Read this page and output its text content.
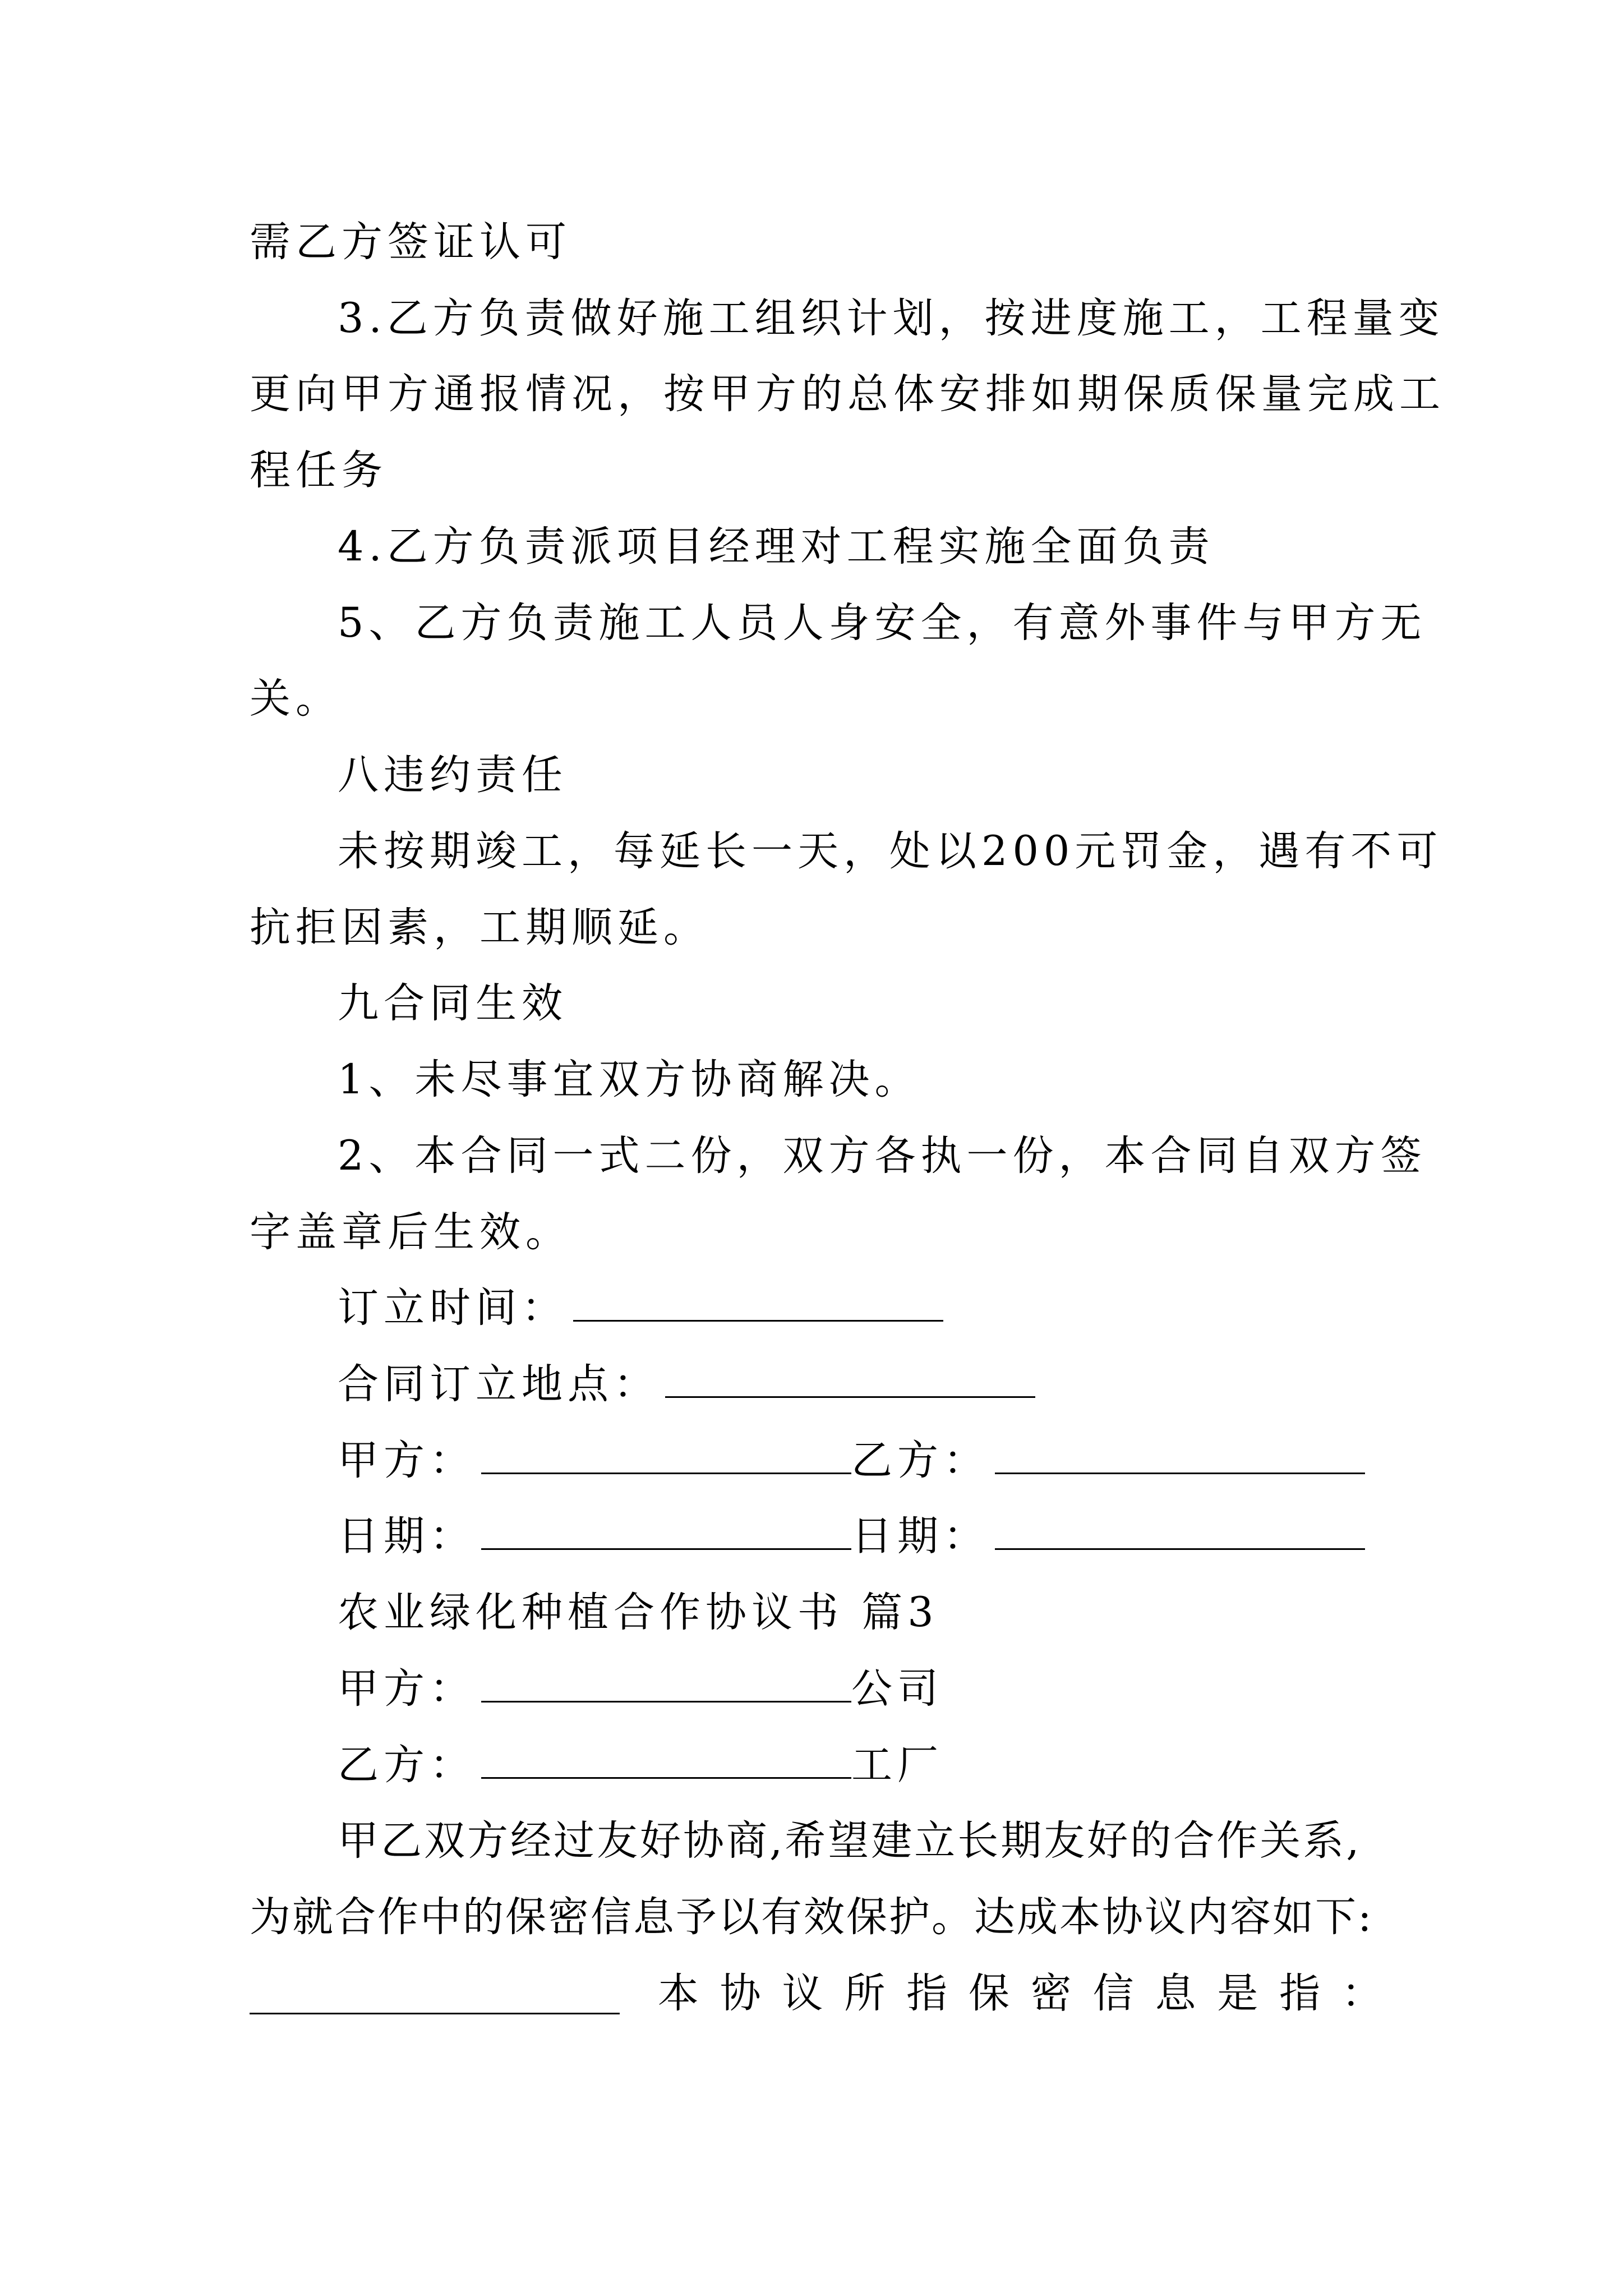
需乙方签证认可
3.乙方负责做好施工组织计划，按进度施工，工程量变
更向甲方通报情况，按甲方的总体安排如期保质保量完成工
程任务
4.乙方负责派项目经理对工程实施全面负责
5、乙方负责施工人员人身安全，有意外事件与甲方无
关。
八违约责任
未按期竣工，每延长一天，处以200元罚金，遇有不可
抗拒因素，工期顺延。
九合同生效
1、未尽事宜双方协商解决。
2、本合同一式二份，双方各执一份，本合同自双方签
字盖章后生效。
订立时间：
合同订立地点：
甲方：	乙方：
日期：	日期：
农业绿化种植合作协议书 篇3
甲方：	公司
乙方：	工厂
甲乙双方经过友好协商,希望建立长期友好的合作关系,
为就合作中的保密信息予以有效保护。达成本协议内容如下:
本 协 议 所 指 保 密 信 息 是 指 ：
